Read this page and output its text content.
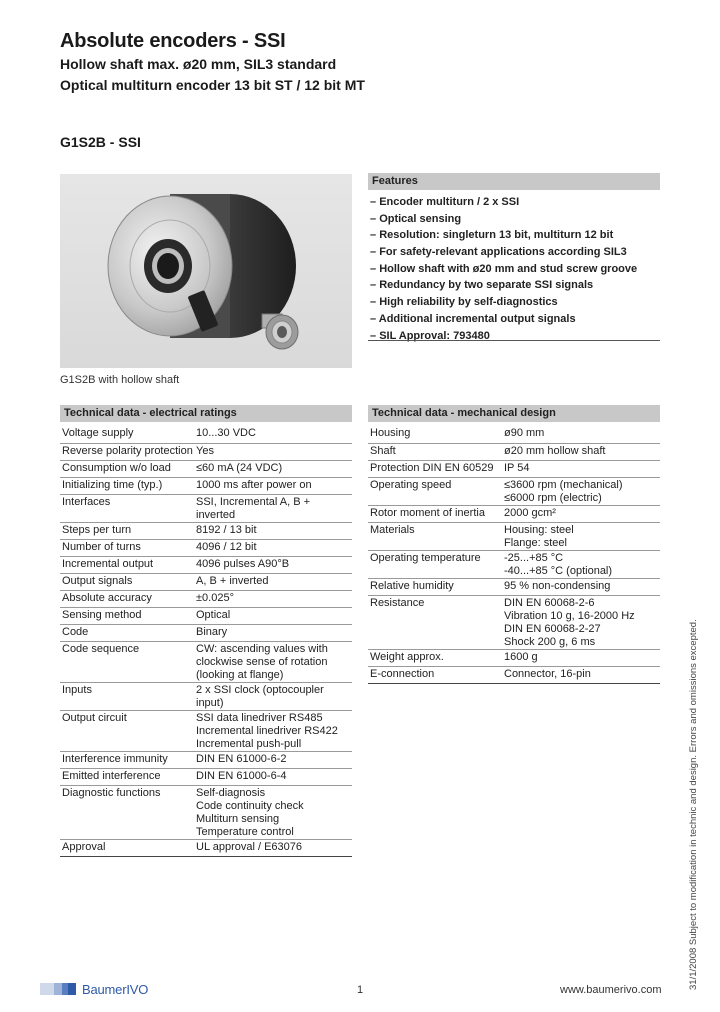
Absolute encoders - SSI
Hollow shaft max. ø20 mm, SIL3 standard
Optical multiturn encoder 13 bit ST / 12 bit MT
G1S2B - SSI
G1S2B with hollow shaft
Features
– Encoder multiturn / 2 x SSI
– Optical sensing
– Resolution: singleturn 13 bit, multiturn 12 bit
– For safety-relevant applications according SIL3
– Hollow shaft with ø20 mm and stud screw groove
– Redundancy by two separate SSI signals
– High reliability by self-diagnostics
– Additional incremental output signals
– SIL Approval: 793480
Technical data - electrical ratings
Voltage supply	10...30 VDC
Reverse polarity protection	Yes
Consumption w/o load	≤60 mA (24 VDC)
Initializing time (typ.)	1000 ms after power on
Interfaces	SSI, Incremental A, B + inverted
Steps per turn	8192 / 13 bit
Number of turns	4096 / 12 bit
Incremental output	4096 pulses A90°B
Output signals	A, B + inverted
Absolute accuracy	±0.025°
Sensing method	Optical
Code	Binary
Code sequence	CW: ascending values with
clockwise sense of rotation
(looking at flange)
Inputs	2 x SSI clock (optocoupler
input)
Output circuit	SSI data linedriver RS485
Incremental linedriver RS422
Incremental push-pull
Interference immunity	DIN EN 61000-6-2
Emitted interference	DIN EN 61000-6-4
Diagnostic functions	Self-diagnosis
Code continuity check
Multiturn sensing
Temperature control
Approval	UL approval / E63076
Technical data - mechanical design
Housing	ø90 mm
Shaft	ø20 mm hollow shaft
Protection DIN EN 60529	IP 54
Operating speed	≤3600 rpm (mechanical)
≤6000 rpm (electric)
Rotor moment of inertia	2000 gcm²
Materials	Housing: steel
Flange: steel
Operating temperature	-25...+85 °C
-40...+85 °C (optional)
Relative humidity	95 % non-condensing
Resistance	DIN EN 60068-2-6
Vibration 10 g, 16-2000 Hz
DIN EN 60068-2-27
Shock 200 g, 6 ms
Weight approx.	1600 g
E-connection	Connector, 16-pin	31/1/2008 Subject to modification in technic and design. Errors and omissions excepted.
BaumerIVO	1	www.baumerivo.com
